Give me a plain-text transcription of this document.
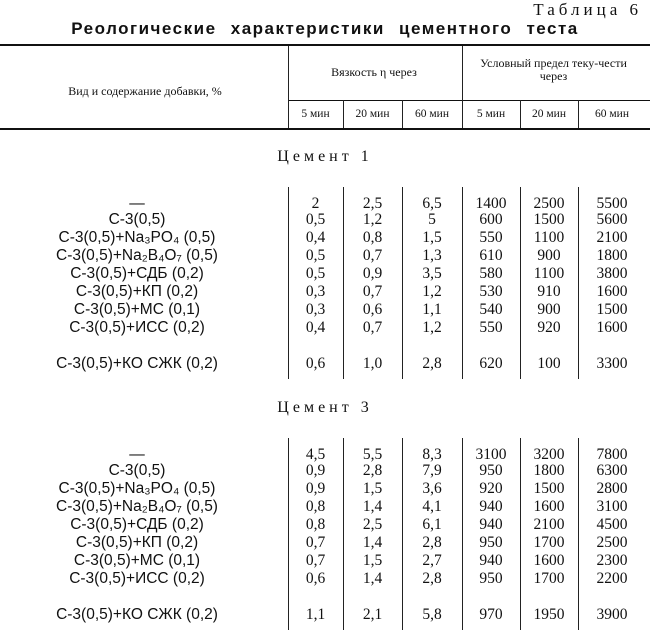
Таблица 6
Реологические характеристики цементного теста
Вид и содержание добавки, %
Вязкость η через
Условный предел теку-чести через
5 мин	20 мин	60 мин	5 мин	20 мин	60 мин
Цемент 1
—	2	2,5	6,5	1400	2500	5500
С-3(0,5)	0,5	1,2	5	600	1500	5600
С-3(0,5)+Na₃PO₄ (0,5)	0,4	0,8	1,5	550	1100	2100
С-3(0,5)+Na₂B₄O₇ (0,5)	0,5	0,7	1,3	610	900	1800
С-3(0,5)+СДБ (0,2)	0,5	0,9	3,5	580	1100	3800
С-3(0,5)+КП (0,2)	0,3	0,7	1,2	530	910	1600
С-3(0,5)+МС (0,1)	0,3	0,6	1,1	540	900	1500
С-3(0,5)+ИСС (0,2)	0,4	0,7	1,2	550	920	1600
С-3(0,5)+КО СЖК (0,2)	0,6	1,0	2,8	620	100	3300
Цемент 3
—	4,5	5,5	8,3	3100	3200	7800
С-3(0,5)	0,9	2,8	7,9	950	1800	6300
С-3(0,5)+Na₃PO₄ (0,5)	0,9	1,5	3,6	920	1500	2800
С-3(0,5)+Na₂B₄O₇ (0,5)	0,8	1,4	4,1	940	1600	3100
С-3(0,5)+СДБ (0,2)	0,8	2,5	6,1	940	2100	4500
С-3(0,5)+КП (0,2)	0,7	1,4	2,8	950	1700	2500
С-3(0,5)+МС (0,1)	0,7	1,5	2,7	940	1600	2300
С-3(0,5)+ИСС (0,2)	0,6	1,4	2,8	950	1700	2200
С-3(0,5)+КО СЖК (0,2)	1,1	2,1	5,8	970	1950	3900
